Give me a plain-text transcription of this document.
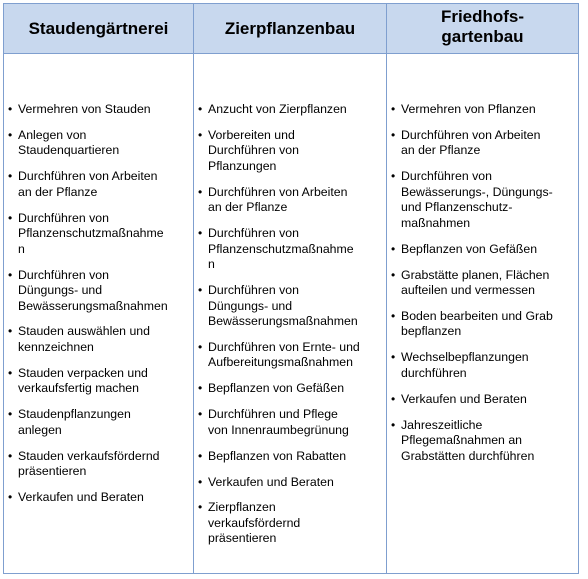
Staudengärtnerei	Zierpflanzenbau
Friedhofs-
gartenbau
• Vermehren von Stauden
• Anlegen von
Staudenquartieren
• Durchführen von Arbeiten
an der Pflanze
• Durchführen von
Pflanzenschutzmaßnahme
n
• Durchführen von
Düngungs- und
Bewässerungsmaßnahmen
• Stauden auswählen und
kennzeichnen
• Stauden verpacken und
verkaufsfertig machen
• Staudenpflanzungen
anlegen
• Stauden verkaufsfördernd
präsentieren
• Verkaufen und Beraten
• Anzucht von Zierpflanzen
• Vorbereiten und
Durchführen von
Pflanzungen
• Durchführen von Arbeiten
an der Pflanze
• Durchführen von
Pflanzenschutzmaßnahme
n
• Durchführen von
Düngungs- und
Bewässerungsmaßnahmen
• Durchführen von Ernte- und
Aufbereitungsmaßnahmen
• Bepflanzen von Gefäßen
• Durchführen und Pflege
von Innenraumbegrünung
• Bepflanzen von Rabatten
• Verkaufen und Beraten
• Zierpflanzen
verkaufsfördernd
präsentieren
• Vermehren von Pflanzen
• Durchführen von Arbeiten
an der Pflanze
• Durchführen von
Bewässerungs-, Düngungs-
und Pflanzenschutz-
maßnahmen
• Bepflanzen von Gefäßen
• Grabstätte planen, Flächen
aufteilen und vermessen
• Boden bearbeiten und Grab
bepflanzen
• Wechselbepflanzungen
durchführen
• Verkaufen und Beraten
• Jahreszeitliche
Pflegemaßnahmen an
Grabstätten durchführen
